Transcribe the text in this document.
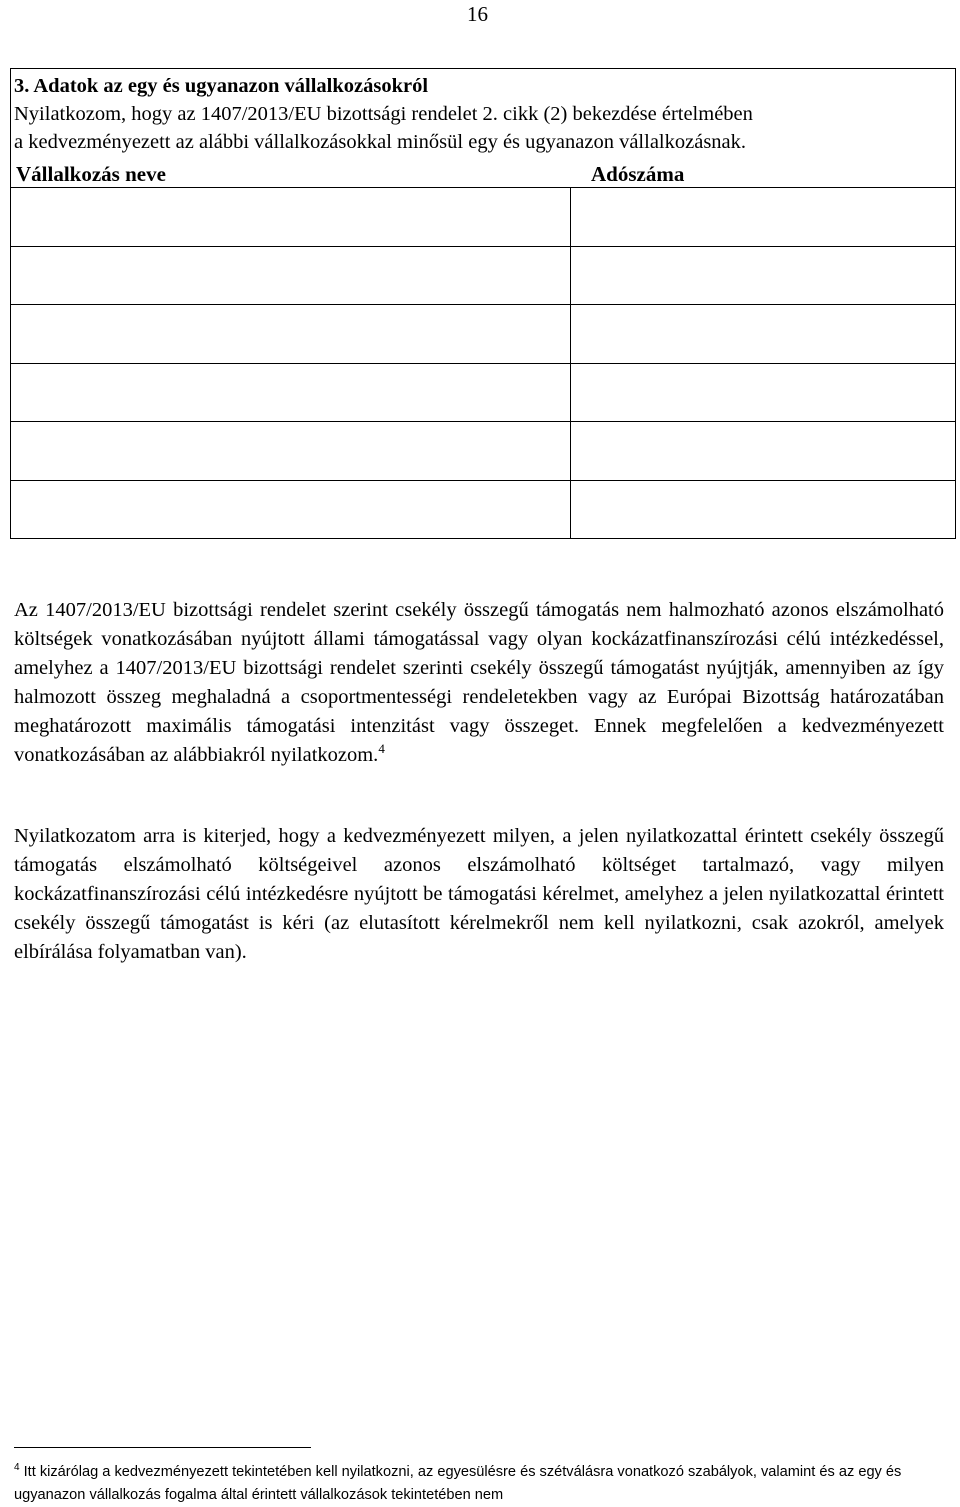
16

3. Adatok az egy és ugyanazon vállalkozásokról

Nyilatkozom, hogy az 1407/2013/EU bizottsági rendelet 2. cikk (2) bekezdése értelmében

a kedvezményezett az alábbi vállalkozásokkal minősül egy és ugyanazon vállalkozásnak.

Vállalkozás neve	Adószáma

Az 1407/2013/EU bizottsági rendelet szerint csekély összegű támogatás nem halmozható azonos elszámolható költségek vonatkozásában nyújtott állami támogatással vagy olyan kockázatfinanszírozási célú intézkedéssel, amelyhez a 1407/2013/EU bizottsági rendelet szerinti csekély összegű támogatást nyújtják, amennyiben az így halmozott összeg meghaladná a csoportmentességi rendeletekben vagy az Európai Bizottság határozatában meghatározott maximális támogatási intenzitást vagy összeget. Ennek megfelelően a kedvezményezett vonatkozásában az alábbiakról nyilatkozom.$^4$

Nyilatkozatom arra is kiterjed, hogy a kedvezményezett milyen, a jelen nyilatkozattal érintett csekély összegű támogatás elszámolható költségeivel azonos elszámolható költséget tartalmazó, vagy milyen kockázatfinanszírozási célú intézkedésre nyújtott be támogatási kérelmet, amelyhez a jelen nyilatkozattal érintett csekély összegű támogatást is kéri (az elutasított kérelmekről nem kell nyilatkozni, csak azokról, amelyek elbírálása folyamatban van).

$^4$ Itt kizárólag a kedvezményezett tekintetében kell nyilatkozni, az egyesülésre és szétválásra vonatkozó szabályok, valamint és az egy és ugyanazon vállalkozás fogalma által érintett vállalkozások tekintetében nem
